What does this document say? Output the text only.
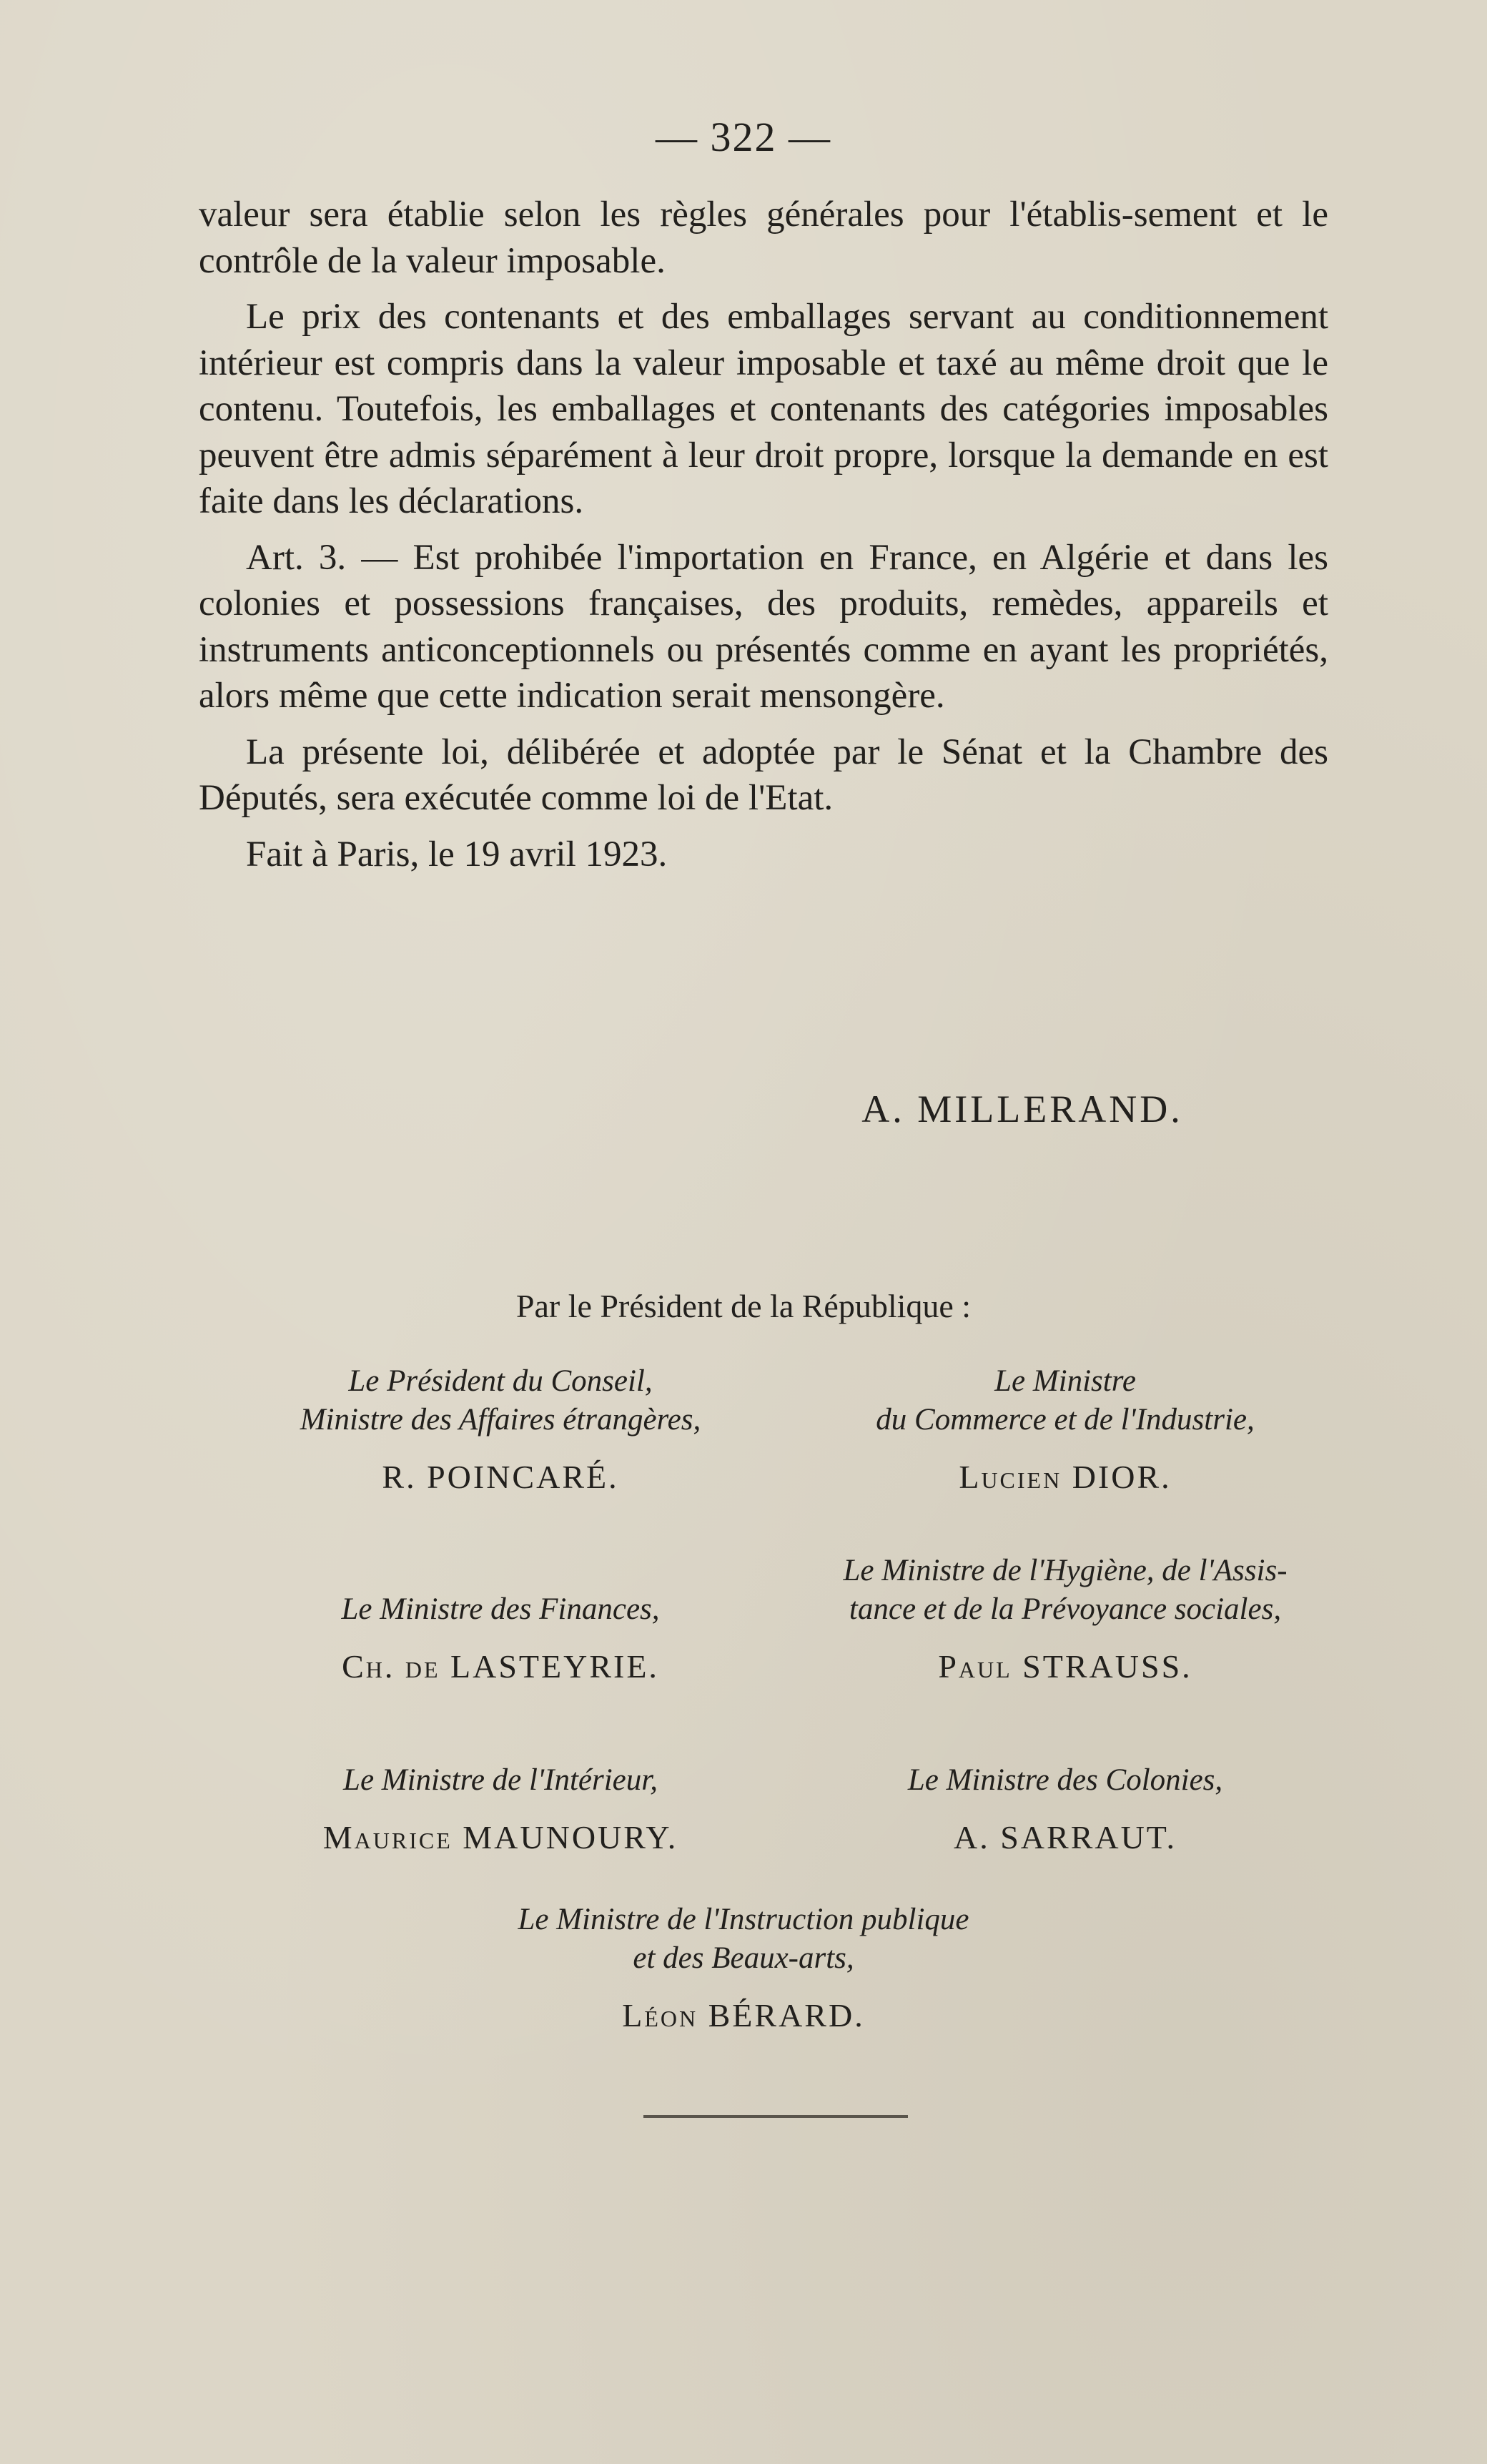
— 322 —

valeur sera établie selon les règles générales pour l'établis-sement et le contrôle de la valeur imposable.

Le prix des contenants et des emballages servant au conditionnement intérieur est compris dans la valeur imposable et taxé au même droit que le contenu. Toutefois, les emballages et contenants des catégories imposables peuvent être admis séparément à leur droit propre, lorsque la demande en est faite dans les déclarations.

Art. 3. — Est prohibée l'importation en France, en Algérie et dans les colonies et possessions françaises, des produits, remèdes, appareils et instruments anticonceptionnels ou présentés comme en ayant les propriétés, alors même que cette indication serait mensongère.

La présente loi, délibérée et adoptée par le Sénat et la Chambre des Députés, sera exécutée comme loi de l'Etat.

Fait à Paris, le 19 avril 1923.

A. MILLERAND.
Par le Président de la République :
Le Président du Conseil,
Ministre des Affaires étrangères,
R. POINCARÉ.
Le Ministre
du Commerce et de l'Industrie,
Lucien DIOR.
Le Ministre des Finances,
Ch. de LASTEYRIE.
Le Ministre de l'Hygiène, de l'Assis-
tance et de la Prévoyance sociales,
Paul STRAUSS.
Le Ministre de l'Intérieur,
Maurice MAUNOURY.
Le Ministre des Colonies,
A. SARRAUT.
Le Ministre de l'Instruction publique
et des Beaux-arts,
Léon BÉRARD.
